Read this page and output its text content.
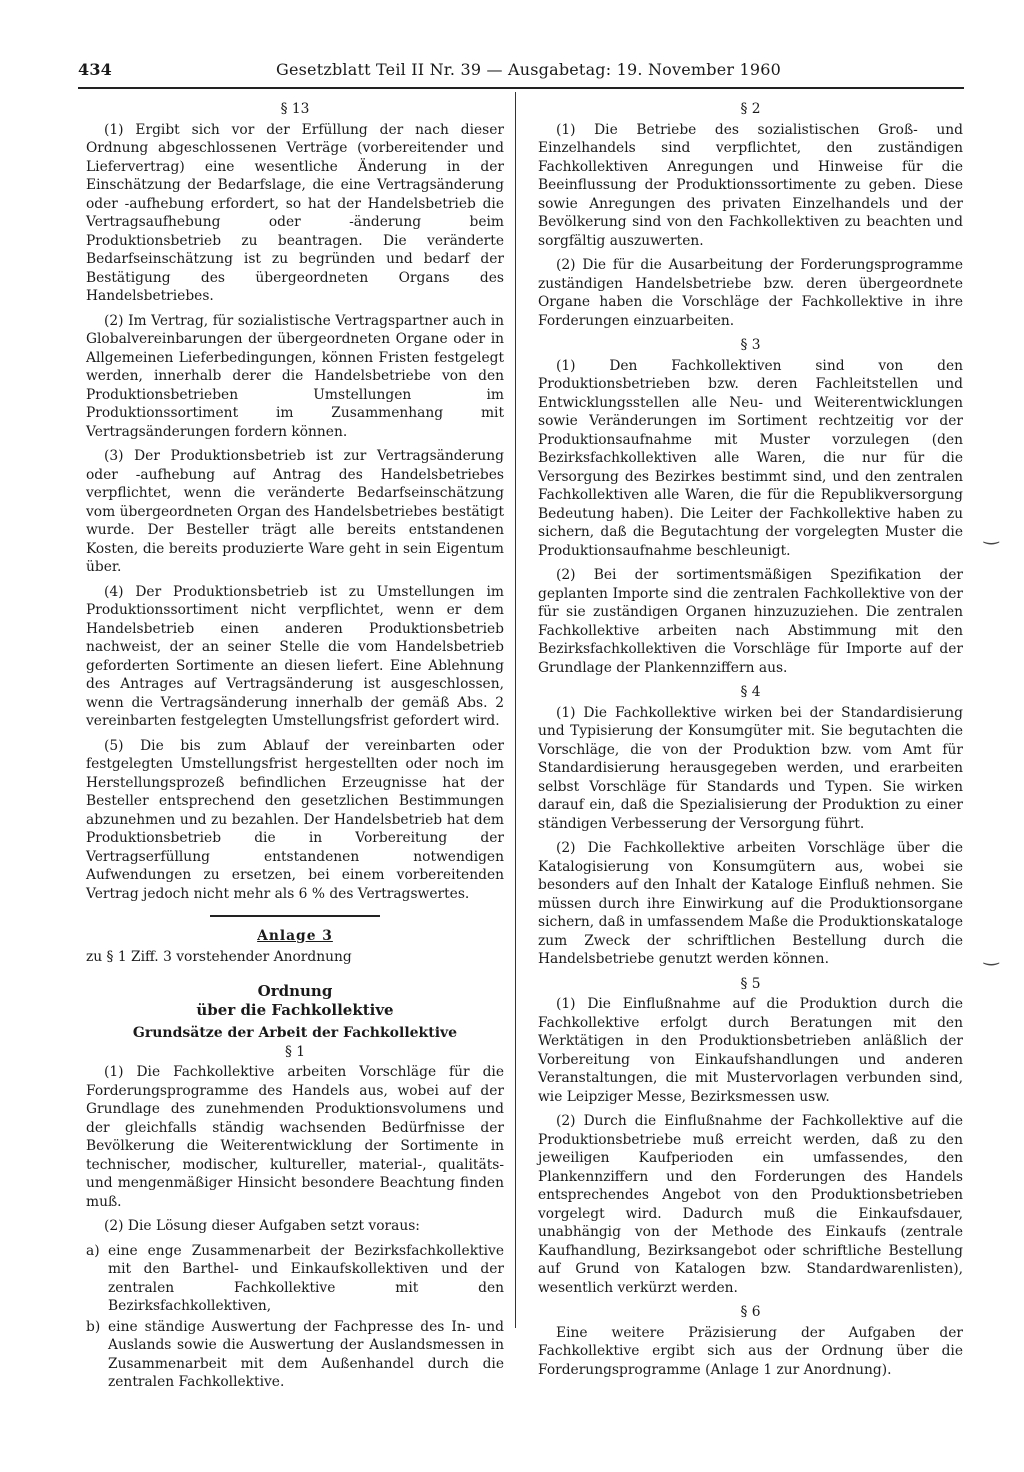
434	Gesetzblatt Teil II Nr. 39 — Ausgabetag: 19. November 1960

§ 13

(1) Ergibt sich vor der Erfüllung der nach dieser Ordnung abgeschlossenen Verträge (vorbereitender und Liefervertrag) eine wesentliche Änderung in der Einschätzung der Bedarfslage, die eine Vertragsänderung oder -aufhebung erfordert, so hat der Handelsbetrieb die Vertragsaufhebung oder -änderung beim Produktionsbetrieb zu beantragen. Die veränderte Bedarfseinschätzung ist zu begründen und bedarf der Bestätigung des übergeordneten Organs des Handelsbetriebes.

(2) Im Vertrag, für sozialistische Vertragspartner auch in Globalvereinbarungen der übergeordneten Organe oder in Allgemeinen Lieferbedingungen, können Fristen festgelegt werden, innerhalb derer die Handelsbetriebe von den Produktionsbetrieben Umstellungen im Produktionssortiment im Zusammenhang mit Vertragsänderungen fordern können.

(3) Der Produktionsbetrieb ist zur Vertragsänderung oder -aufhebung auf Antrag des Handelsbetriebes verpflichtet, wenn die veränderte Bedarfseinschätzung vom übergeordneten Organ des Handelsbetriebes bestätigt wurde. Der Besteller trägt alle bereits entstandenen Kosten, die bereits produzierte Ware geht in sein Eigentum über.

(4) Der Produktionsbetrieb ist zu Umstellungen im Produktionssortiment nicht verpflichtet, wenn er dem Handelsbetrieb einen anderen Produktionsbetrieb nachweist, der an seiner Stelle die vom Handelsbetrieb geforderten Sortimente an diesen liefert. Eine Ablehnung des Antrages auf Vertragsänderung ist ausgeschlossen, wenn die Vertragsänderung innerhalb der gemäß Abs. 2 vereinbarten festgelegten Umstellungsfrist gefordert wird.

(5) Die bis zum Ablauf der vereinbarten oder festgelegten Umstellungsfrist hergestellten oder noch im Herstellungsprozeß befindlichen Erzeugnisse hat der Besteller entsprechend den gesetzlichen Bestimmungen abzunehmen und zu bezahlen. Der Handelsbetrieb hat dem Produktionsbetrieb die in Vorbereitung der Vertragserfüllung entstandenen notwendigen Aufwendungen zu ersetzen, bei einem vorbereitenden Vertrag jedoch nicht mehr als 6 % des Vertragswertes.

Anlage 3

zu § 1 Ziff. 3 vorstehender Anordnung

Ordnung

über die Fachkollektive

Grundsätze der Arbeit der Fachkollektive

§ 1

(1) Die Fachkollektive arbeiten Vorschläge für die Forderungsprogramme des Handels aus, wobei auf der Grundlage des zunehmenden Produktionsvolumens und der gleichfalls ständig wachsenden Bedürfnisse der Bevölkerung die Weiterentwicklung der Sortimente in technischer, modischer, kultureller, material-, qualitäts- und mengenmäßiger Hinsicht besondere Beachtung finden muß.

(2) Die Lösung dieser Aufgaben setzt voraus:

a) eine enge Zusammenarbeit der Bezirksfachkollektive mit den Barthel- und Einkaufskollektiven und der zentralen Fachkollektive mit den Bezirksfachkollektiven,

b) eine ständige Auswertung der Fachpresse des In- und Auslands sowie die Auswertung der Auslandsmessen in Zusammenarbeit mit dem Außenhandel durch die zentralen Fachkollektive.

§ 2

(1) Die Betriebe des sozialistischen Groß- und Einzelhandels sind verpflichtet, den zuständigen Fachkollektiven Anregungen und Hinweise für die Beeinflussung der Produktionssortimente zu geben. Diese sowie Anregungen des privaten Einzelhandels und der Bevölkerung sind von den Fachkollektiven zu beachten und sorgfältig auszuwerten.

(2) Die für die Ausarbeitung der Forderungsprogramme zuständigen Handelsbetriebe bzw. deren übergeordnete Organe haben die Vorschläge der Fachkollektive in ihre Forderungen einzuarbeiten.

§ 3

(1) Den Fachkollektiven sind von den Produktionsbetrieben bzw. deren Fachleitstellen und Entwicklungsstellen alle Neu- und Weiterentwicklungen sowie Veränderungen im Sortiment rechtzeitig vor der Produktionsaufnahme mit Muster vorzulegen (den Bezirksfachkollektiven alle Waren, die nur für die Versorgung des Bezirkes bestimmt sind, und den zentralen Fachkollektiven alle Waren, die für die Republikversorgung Bedeutung haben). Die Leiter der Fachkollektive haben zu sichern, daß die Begutachtung der vorgelegten Muster die Produktionsaufnahme beschleunigt.

(2) Bei der sortimentsmäßigen Spezifikation der geplanten Importe sind die zentralen Fachkollektive von der für sie zuständigen Organen hinzuzuziehen. Die zentralen Fachkollektive arbeiten nach Abstimmung mit den Bezirksfachkollektiven die Vorschläge für Importe auf der Grundlage der Plankennziffern aus.

§ 4

(1) Die Fachkollektive wirken bei der Standardisierung und Typisierung der Konsumgüter mit. Sie begutachten die Vorschläge, die von der Produktion bzw. vom Amt für Standardisierung herausgegeben werden, und erarbeiten selbst Vorschläge für Standards und Typen. Sie wirken darauf ein, daß die Spezialisierung der Produktion zu einer ständigen Verbesserung der Versorgung führt.

(2) Die Fachkollektive arbeiten Vorschläge über die Katalogisierung von Konsumgütern aus, wobei sie besonders auf den Inhalt der Kataloge Einfluß nehmen. Sie müssen durch ihre Einwirkung auf die Produktionsorgane sichern, daß in umfassendem Maße die Produktionskataloge zum Zweck der schriftlichen Bestellung durch die Handelsbetriebe genutzt werden können.

§ 5

(1) Die Einflußnahme auf die Produktion durch die Fachkollektive erfolgt durch Beratungen mit den Werktätigen in den Produktionsbetrieben anläßlich der Vorbereitung von Einkaufshandlungen und anderen Veranstaltungen, die mit Mustervorlagen verbunden sind, wie Leipziger Messe, Bezirksmessen usw.

(2) Durch die Einflußnahme der Fachkollektive auf die Produktionsbetriebe muß erreicht werden, daß zu den jeweiligen Kaufperioden ein umfassendes, den Plankennziffern und den Forderungen des Handels entsprechendes Angebot von den Produktionsbetrieben vorgelegt wird. Dadurch muß die Einkaufsdauer, unabhängig von der Methode des Einkaufs (zentrale Kaufhandlung, Bezirksangebot oder schriftliche Bestellung auf Grund von Katalogen bzw. Standardwarenlisten), wesentlich verkürzt werden.

§ 6

Eine weitere Präzisierung der Aufgaben der Fachkollektive ergibt sich aus der Ordnung über die Forderungsprogramme (Anlage 1 zur Anordnung).

‿
‿
